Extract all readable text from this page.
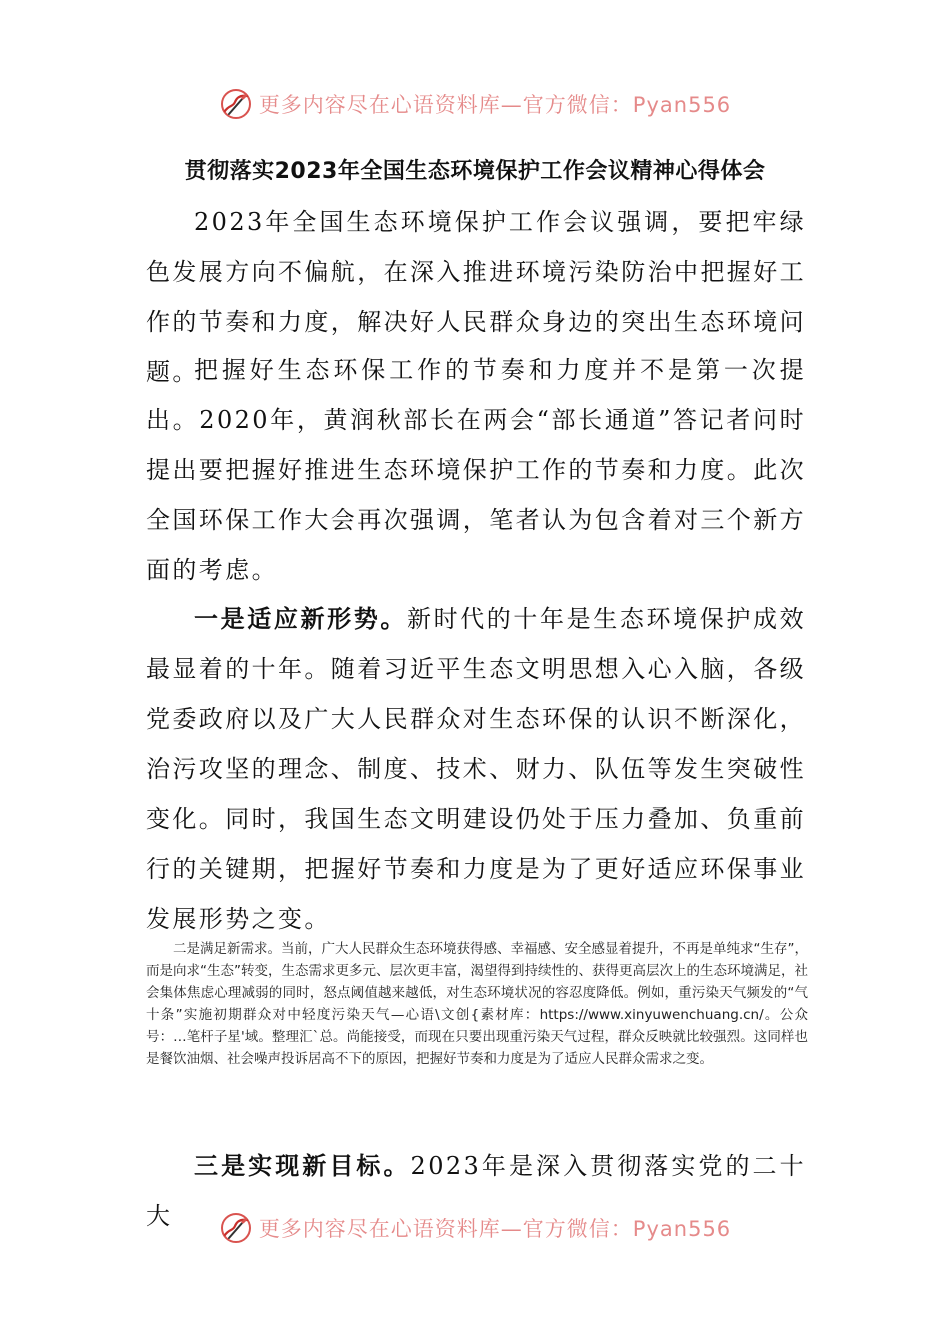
更多内容尽在心语资料库—官方微信：Pyan556
贯彻落实2023年全国生态环境保护工作会议精神心得体会

2023年全国生态环境保护工作会议强调，要把牢绿色发展方向不偏航，在深入推进环境污染防治中把握好工作的节奏和力度，解决好人民群众身边的突出生态环境问题。

把握好生态环保工作的节奏和力度并不是第一次提出。2020年，黄润秋部长在两会“部长通道”答记者问时提出要把握好推进生态环境保护工作的节奏和力度。此次全国环保工作大会再次强调，笔者认为包含着对三个新方面的考虑。

一是适应新形势。新时代的十年是生态环境保护成效最显着的十年。随着习近平生态文明思想入心入脑，各级党委政府以及广大人民群众对生态环保的认识不断深化，治污攻坚的理念、制度、技术、财力、队伍等发生突破性变化。同时，我国生态文明建设仍处于压力叠加、负重前行的关键期，把握好节奏和力度是为了更好适应环保事业发展形势之变。

二是满足新需求。当前，广大人民群众生态环境获得感、幸福感、安全感显着提升，不再是单纯求“生存”，而是向求“生态”转变，生态需求更多元、层次更丰富，渴望得到持续性的、获得更高层次上的生态环境满足，社会集体焦虑心理减弱的同时，怒点阈值越来越低，对生态环境状况的容忍度降低。例如，重污染天气频发的“气十条”实施初期群众对中轻度污染天气—心语\文创{素材库：https://www.xinyuwenchuang.cn/。公众号：…笔杆子星'域。整理汇`总。尚能接受，而现在只要出现重污染天气过程，群众反映就比较强烈。这同样也是餐饮油烟、社会噪声投诉居高不下的原因，把握好节奏和力度是为了适应人民群众需求之变。

三是实现新目标。2023年是深入贯彻落实党的二十大	更多内容尽在心语资料库—官方微信：Pyan556
